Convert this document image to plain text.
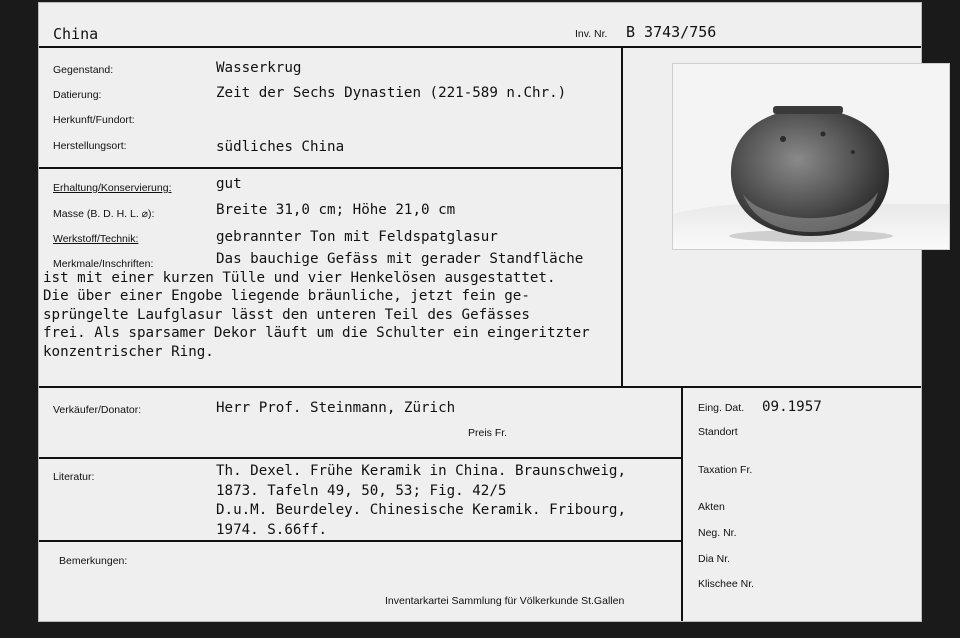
China	Inv. Nr. B 3743/756
Gegenstand:	Wasserkrug
Datierung:	Zeit der Sechs Dynastien (221-589 n.Chr.)
Herkunft/Fundort:
Herstellungsort:	südliches China
Erhaltung/Konservierung:	gut
Masse (B. D. H. L. ⌀):	Breite 31,0 cm; Höhe 21,0 cm
Werkstoff/Technik:	gebrannter Ton mit Feldspatglasur
Merkmale/Inschriften:	Das bauchige Gefäss mit gerader Standfläche
ist mit einer kurzen Tülle und vier Henkelösen ausgestattet.
Die über einer Engobe liegende bräunliche, jetzt fein ge-
sprüngelte Laufglasur lässt den unteren Teil des Gefässes
frei. Als sparsamer Dekor läuft um die Schulter ein eingeritzter
konzentrischer Ring.
Verkäufer/Donator:	Herr Prof. Steinmann, Zürich
Preis Fr.
Literatur:	Th. Dexel. Frühe Keramik in China. Braunschweig,
1873. Tafeln 49, 50, 53; Fig. 42/5
D.u.M. Beurdeley. Chinesische Keramik. Fribourg,
1974. S.66ff.
Bemerkungen:
Eing. Dat. 09.1957
Standort
Taxation Fr.
Akten
Neg. Nr.
Dia Nr.
Klischee Nr.
Inventarkartei Sammlung für Völkerkunde St.Gallen
